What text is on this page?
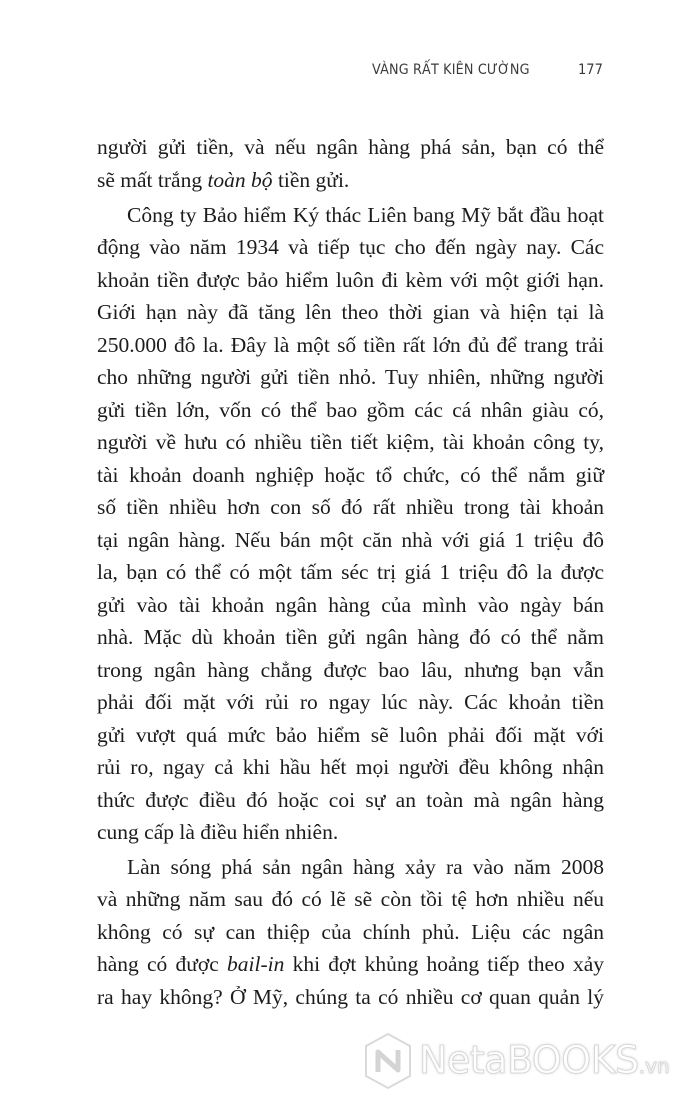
VÀNG RẤT KIÊN CƯỜNG	177
người gửi tiền, và nếu ngân hàng phá sản, bạn có thể
sẽ mất trắng toàn bộ tiền gửi.
Công ty Bảo hiểm Ký thác Liên bang Mỹ bắt đầu hoạt
động vào năm 1934 và tiếp tục cho đến ngày nay. Các
khoản tiền được bảo hiểm luôn đi kèm với một giới hạn.
Giới hạn này đã tăng lên theo thời gian và hiện tại là
250.000 đô la. Đây là một số tiền rất lớn đủ để trang trải
cho những người gửi tiền nhỏ. Tuy nhiên, những người
gửi tiền lớn, vốn có thể bao gồm các cá nhân giàu có,
người về hưu có nhiều tiền tiết kiệm, tài khoản công ty,
tài khoản doanh nghiệp hoặc tổ chức, có thể nắm giữ
số tiền nhiều hơn con số đó rất nhiều trong tài khoản
tại ngân hàng. Nếu bán một căn nhà với giá 1 triệu đô
la, bạn có thể có một tấm séc trị giá 1 triệu đô la được
gửi vào tài khoản ngân hàng của mình vào ngày bán
nhà. Mặc dù khoản tiền gửi ngân hàng đó có thể nằm
trong ngân hàng chẳng được bao lâu, nhưng bạn vẫn
phải đối mặt với rủi ro ngay lúc này. Các khoản tiền
gửi vượt quá mức bảo hiểm sẽ luôn phải đối mặt với
rủi ro, ngay cả khi hầu hết mọi người đều không nhận
thức được điều đó hoặc coi sự an toàn mà ngân hàng
cung cấp là điều hiển nhiên.
Làn sóng phá sản ngân hàng xảy ra vào năm 2008
và những năm sau đó có lẽ sẽ còn tồi tệ hơn nhiều nếu
không có sự can thiệp của chính phủ. Liệu các ngân
hàng có được bail-in khi đợt khủng hoảng tiếp theo xảy
ra hay không? Ở Mỹ, chúng ta có nhiều cơ quan quản lý
NetaBOOKS.vn
